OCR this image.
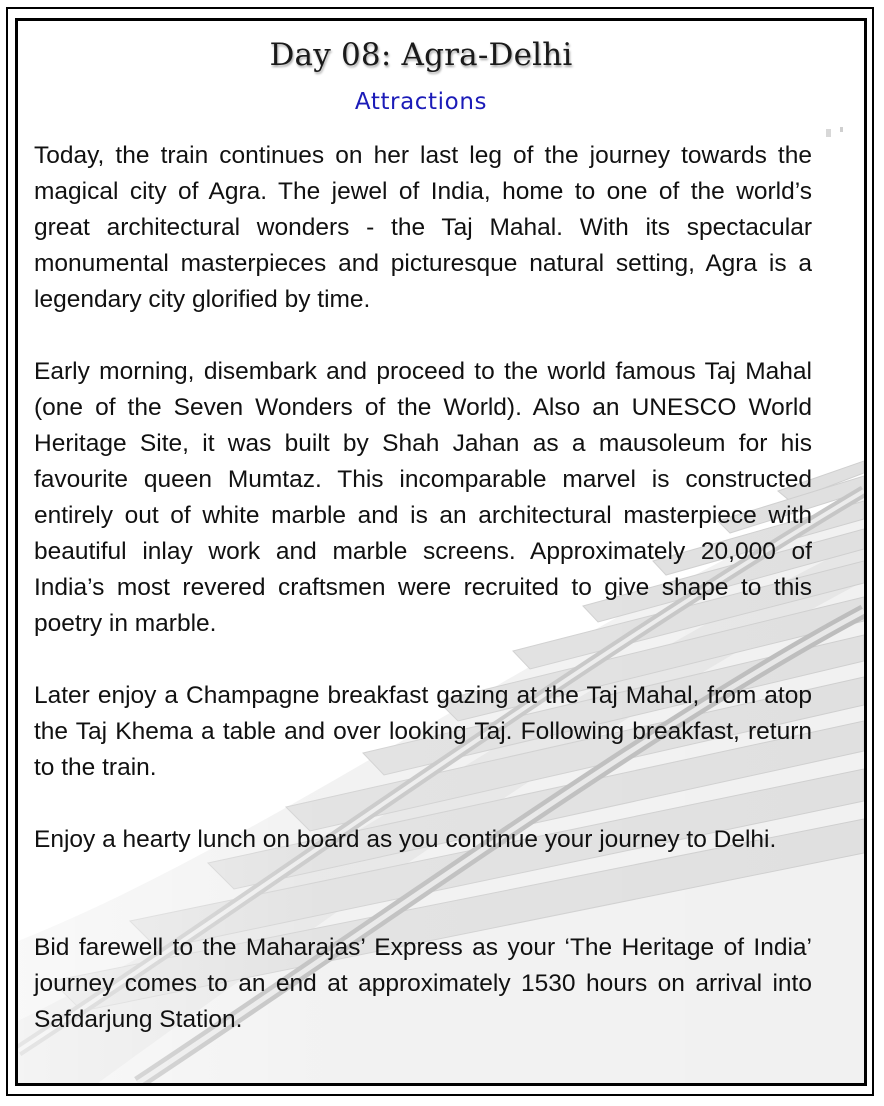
Day 08: Agra-Delhi
Attractions

Today, the train continues on her last leg of the journey towards the magical city of Agra. The jewel of India, home to one of the world’s great architectural wonders - the Taj Mahal. With its spectacular monumental masterpieces and picturesque natural setting, Agra is a legendary city glorified by time.

Early morning, disembark and proceed to the world famous Taj Mahal (one of the Seven Wonders of the World). Also an UNESCO World Heritage Site, it was built by Shah Jahan as a mausoleum for his favourite queen Mumtaz. This incomparable marvel is constructed entirely out of white marble and is an architectural masterpiece with beautiful inlay work and marble screens. Approximately 20,000 of India’s most revered craftsmen were recruited to give shape to this poetry in marble.

Later enjoy a Champagne breakfast gazing at the Taj Mahal, from atop the Taj Khema a table and over looking Taj. Following breakfast, return to the train.

Enjoy a hearty lunch on board as you continue your journey to Delhi.

Bid farewell to the Maharajas’ Express as your ‘The Heritage of India’ journey comes to an end at approximately 1530 hours on arrival into Safdarjung Station.
